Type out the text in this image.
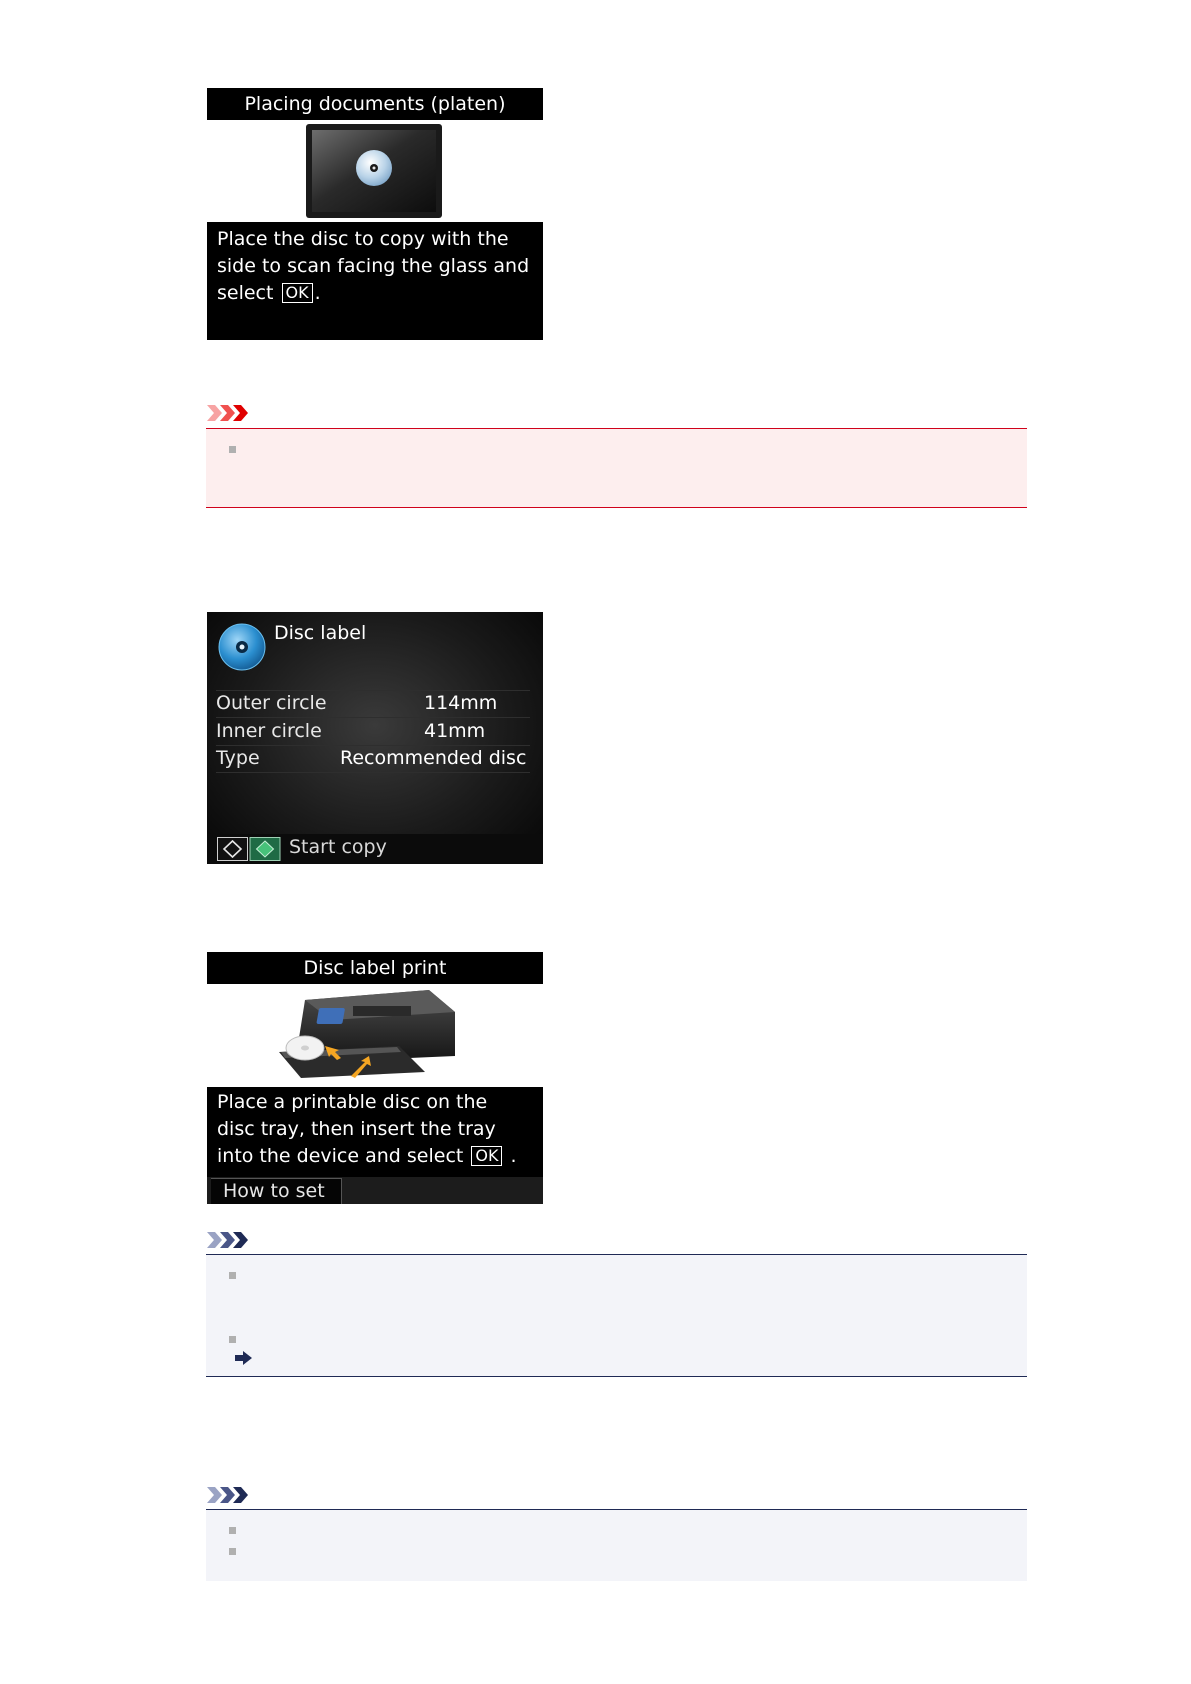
Placing documents (platen)
Place the disc to copy with the
side to scan facing the glass and
select OK .
Disc label
Outer circle	114mm
Inner circle	41mm
Type	Recommended disc
Start copy
Disc label print
Place a printable disc on the
disc tray, then insert the tray
into the device and select OK .
How to set
